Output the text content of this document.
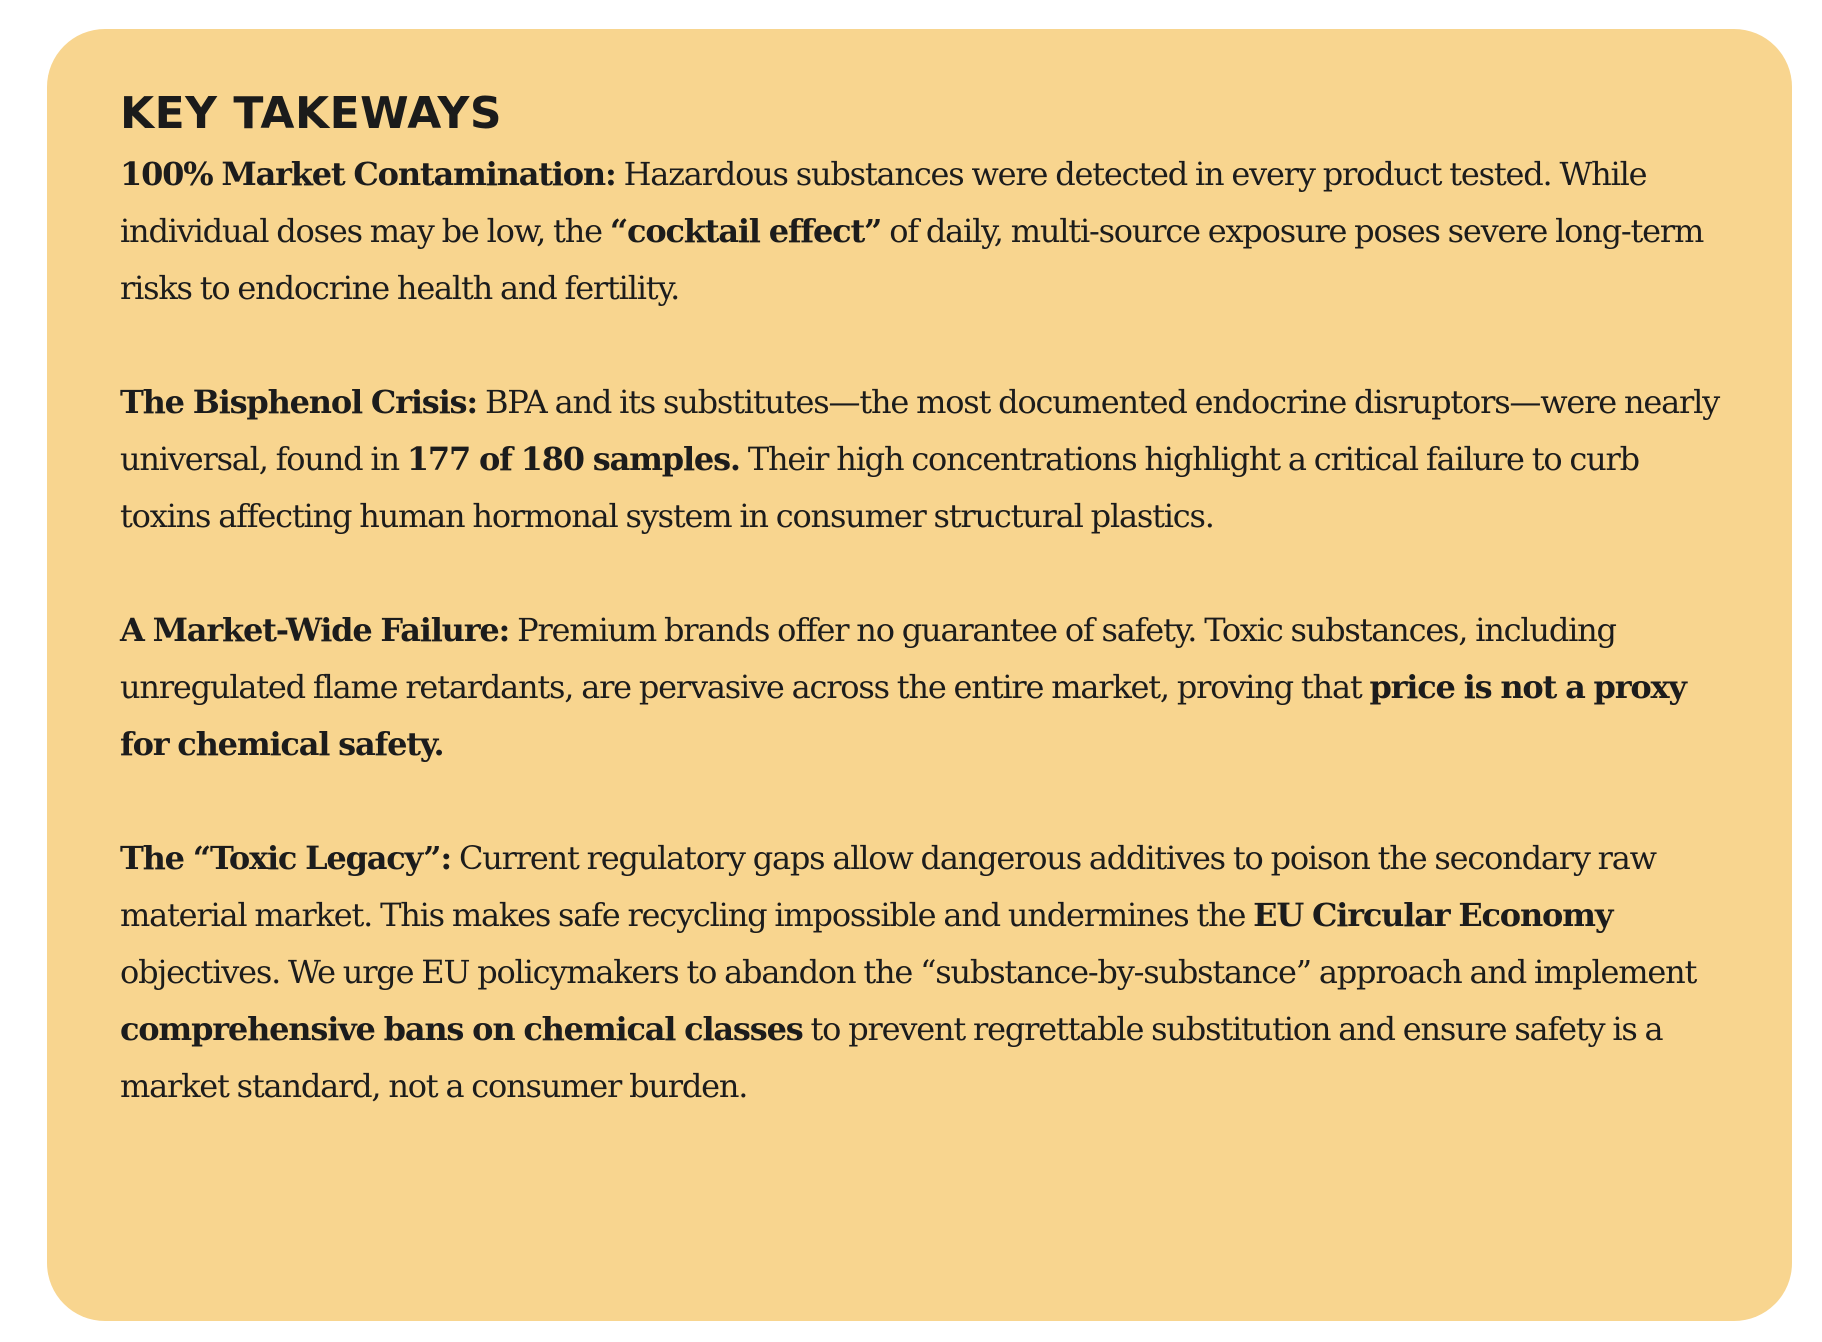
KEY TAKEWAYS

100% Market Contamination: Hazardous substances were detected in every product tested. While individual doses may be low, the “cocktail effect” of daily, multi-source exposure poses severe long-term risks to endocrine health and fertility.

The Bisphenol Crisis: BPA and its substitutes—the most documented endocrine disruptors—were nearly universal, found in 177 of 180 samples. Their high concentrations highlight a critical failure to curb toxins affecting human hormonal system in consumer structural plastics.

A Market-Wide Failure: Premium brands offer no guarantee of safety. Toxic substances, including unregulated flame retardants, are pervasive across the entire market, proving that price is not a proxy for chemical safety.

The “Toxic Legacy”: Current regulatory gaps allow dangerous additives to poison the secondary raw material market. This makes safe recycling impossible and undermines the EU Circular Economy objectives. We urge EU policymakers to abandon the “substance-by-substance” approach and implement comprehensive bans on chemical classes to prevent regrettable substitution and ensure safety is a market standard, not a consumer burden.
